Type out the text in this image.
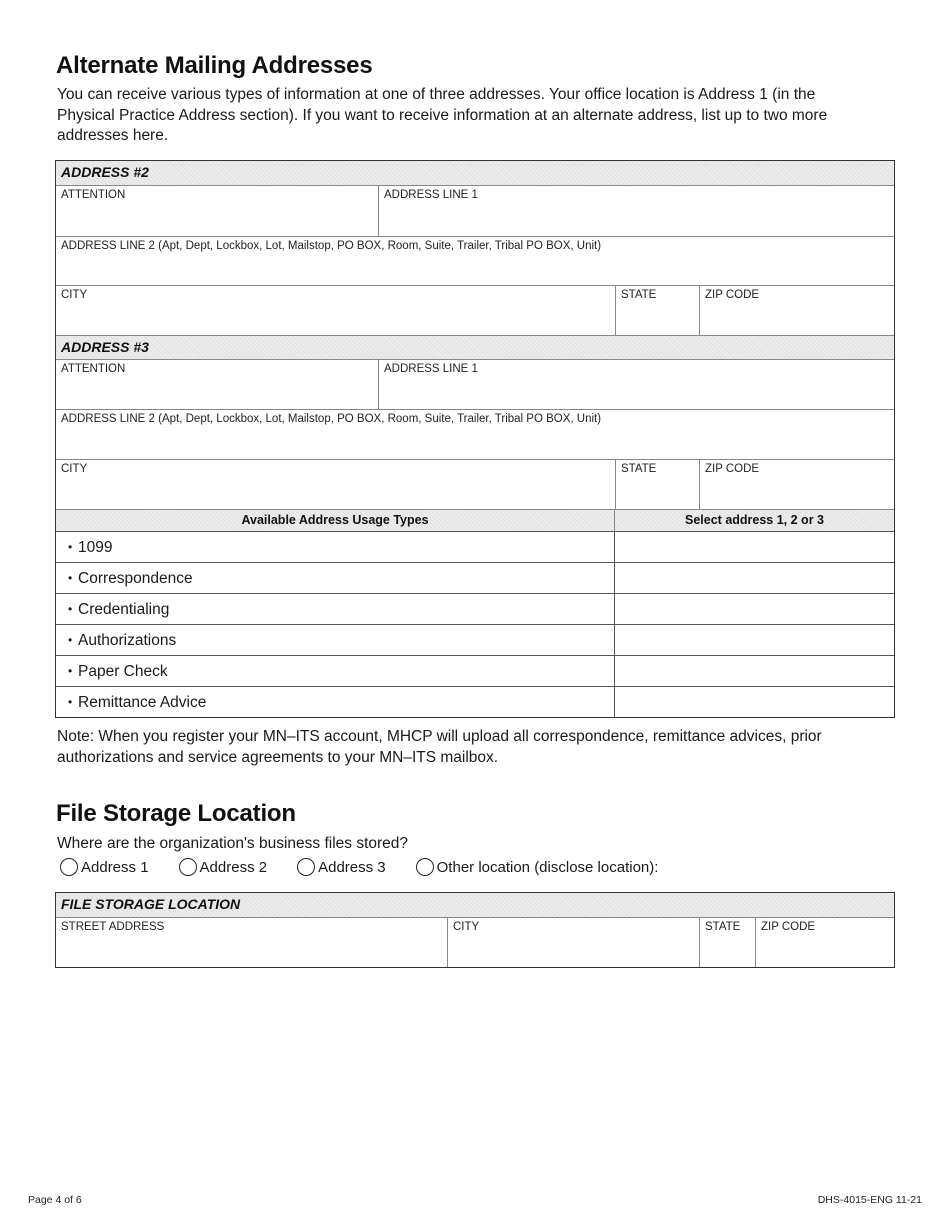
Alternate Mailing Addresses
You can receive various types of information at one of three addresses. Your office location is Address 1 (in the Physical Practice Address section). If you want to receive information at an alternate address, list up to two more addresses here.
ADDRESS #2
ATTENTION	ADDRESS LINE 1
ADDRESS LINE 2 (Apt, Dept, Lockbox, Lot, Mailstop, PO BOX, Room, Suite, Trailer, Tribal PO BOX, Unit)
CITY	STATE	ZIP CODE
ADDRESS #3
ATTENTION	ADDRESS LINE 1
ADDRESS LINE 2 (Apt, Dept, Lockbox, Lot, Mailstop, PO BOX, Room, Suite, Trailer, Tribal PO BOX, Unit)
CITY	STATE	ZIP CODE
Available Address Usage Types	Select address 1, 2 or 3
• 1099
• Correspondence
• Credentialing
• Authorizations
• Paper Check
• Remittance Advice
Note: When you register your MN–ITS account, MHCP will upload all correspondence, remittance advices, prior authorizations and service agreements to your MN–ITS mailbox.
File Storage Location
Where are the organization's business files stored?
Address 1	Address 2	Address 3	Other location (disclose location):
FILE STORAGE LOCATION
STREET ADDRESS	CITY	STATE	ZIP CODE
Page 4 of 6	DHS-4015-ENG 11-21
